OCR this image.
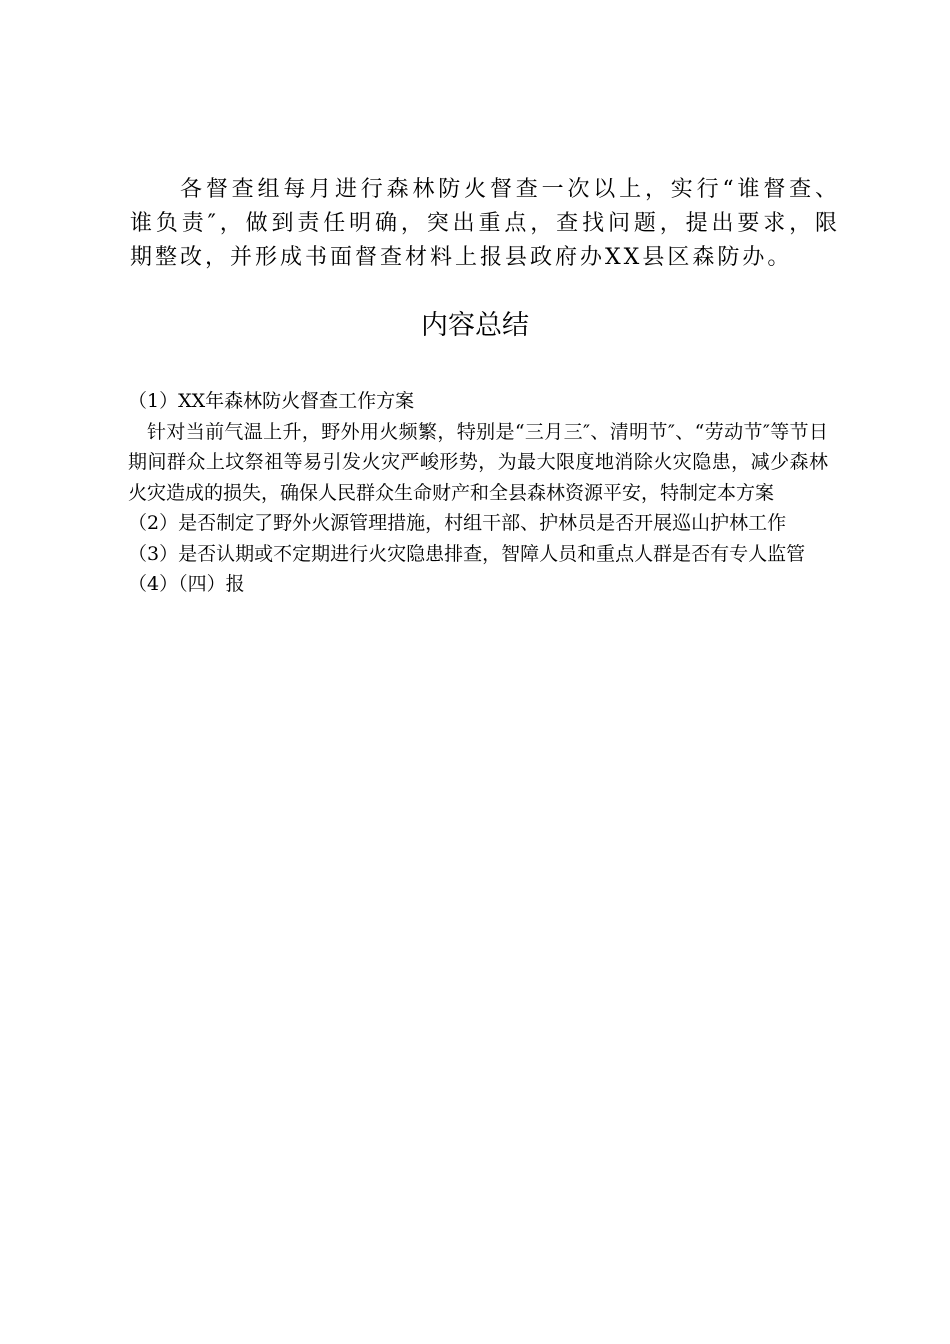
各督查组每月进行森林防火督查一次以上，实行“谁督查、谁负责″，做到责任明确，突出重点，查找问题，提出要求，限期整改，并形成书面督查材料上报县政府办XX县区森防办。

内容总结

（1）XX年森林防火督查工作方案

针对当前气温上升，野外用火频繁，特别是“三月三″、清明节″、“劳动节″等节日期间群众上坟祭祖等易引发火灾严峻形势，为最大限度地消除火灾隐患，减少森林火灾造成的损失，确保人民群众生命财产和全县森林资源平安，特制定本方案

（2）是否制定了野外火源管理措施，村组干部、护林员是否开展巡山护林工作

（3）是否认期或不定期进行火灾隐患排查，智障人员和重点人群是否有专人监管

（4）（四）报
